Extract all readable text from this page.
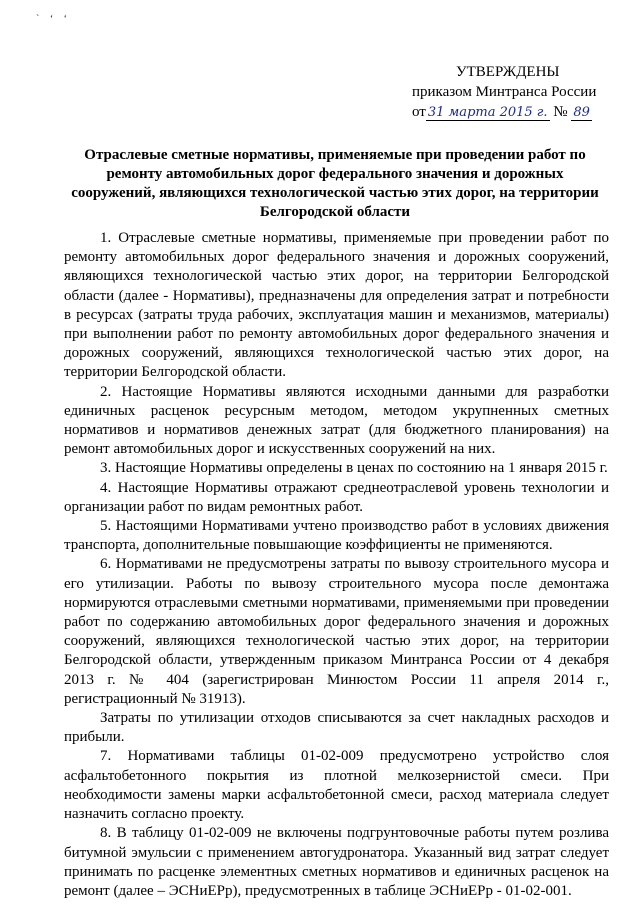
` ‘ ‘
УТВЕРЖДЕНЫ
приказом Минтранса России
от 31 марта 2015 г. № 89
Отраслевые сметные нормативы, применяемые при проведении работ по ремонту автомобильных дорог федерального значения и дорожных сооружений, являющихся технологической частью этих дорог, на территории Белгородской области

1. Отраслевые сметные нормативы, применяемые при проведении работ по ремонту автомобильных дорог федерального значения и дорожных сооружений, являющихся технологической частью этих дорог, на территории Белгородской области (далее - Нормативы), предназначены для определения затрат и потребности в ресурсах (затраты труда рабочих, эксплуатация машин и механизмов, материалы) при выполнении работ по ремонту автомобильных дорог федерального значения и дорожных сооружений, являющихся технологической частью этих дорог, на территории Белгородской области.

2. Настоящие Нормативы являются исходными данными для разработки единичных расценок ресурсным методом, методом укрупненных сметных нормативов и нормативов денежных затрат (для бюджетного планирования) на ремонт автомобильных дорог и искусственных сооружений на них.

3. Настоящие Нормативы определены в ценах по состоянию на 1 января 2015 г.

4. Настоящие Нормативы отражают среднеотраслевой уровень технологии и организации работ по видам ремонтных работ.

5. Настоящими Нормативами учтено производство работ в условиях движения транспорта, дополнительные повышающие коэффициенты не применяются.

6. Нормативами не предусмотрены затраты по вывозу строительного мусора и его утилизации. Работы по вывозу строительного мусора после демонтажа нормируются отраслевыми сметными нормативами, применяемыми при проведении работ по содержанию автомобильных дорог федерального значения и дорожных сооружений, являющихся технологической частью этих дорог, на территории Белгородской области, утвержденным приказом Минтранса России от 4 декабря 2013 г. № 404 (зарегистрирован Минюстом России 11 апреля 2014 г., регистрационный № 31913).

Затраты по утилизации отходов списываются за счет накладных расходов и прибыли.

7. Нормативами таблицы 01-02-009 предусмотрено устройство слоя асфальтобетонного покрытия из плотной мелкозернистой смеси. При необходимости замены марки асфальтобетонной смеси, расход материала следует назначить согласно проекту.

8. В таблицу 01-02-009 не включены подгрунтовочные работы путем розлива битумной эмульсии с применением автогудронатора. Указанный вид затрат следует принимать по расценке элементных сметных нормативов и единичных расценок на ремонт (далее – ЭСНиЕРр), предусмотренных в таблице ЭСНиЕРр - 01-02-001.
